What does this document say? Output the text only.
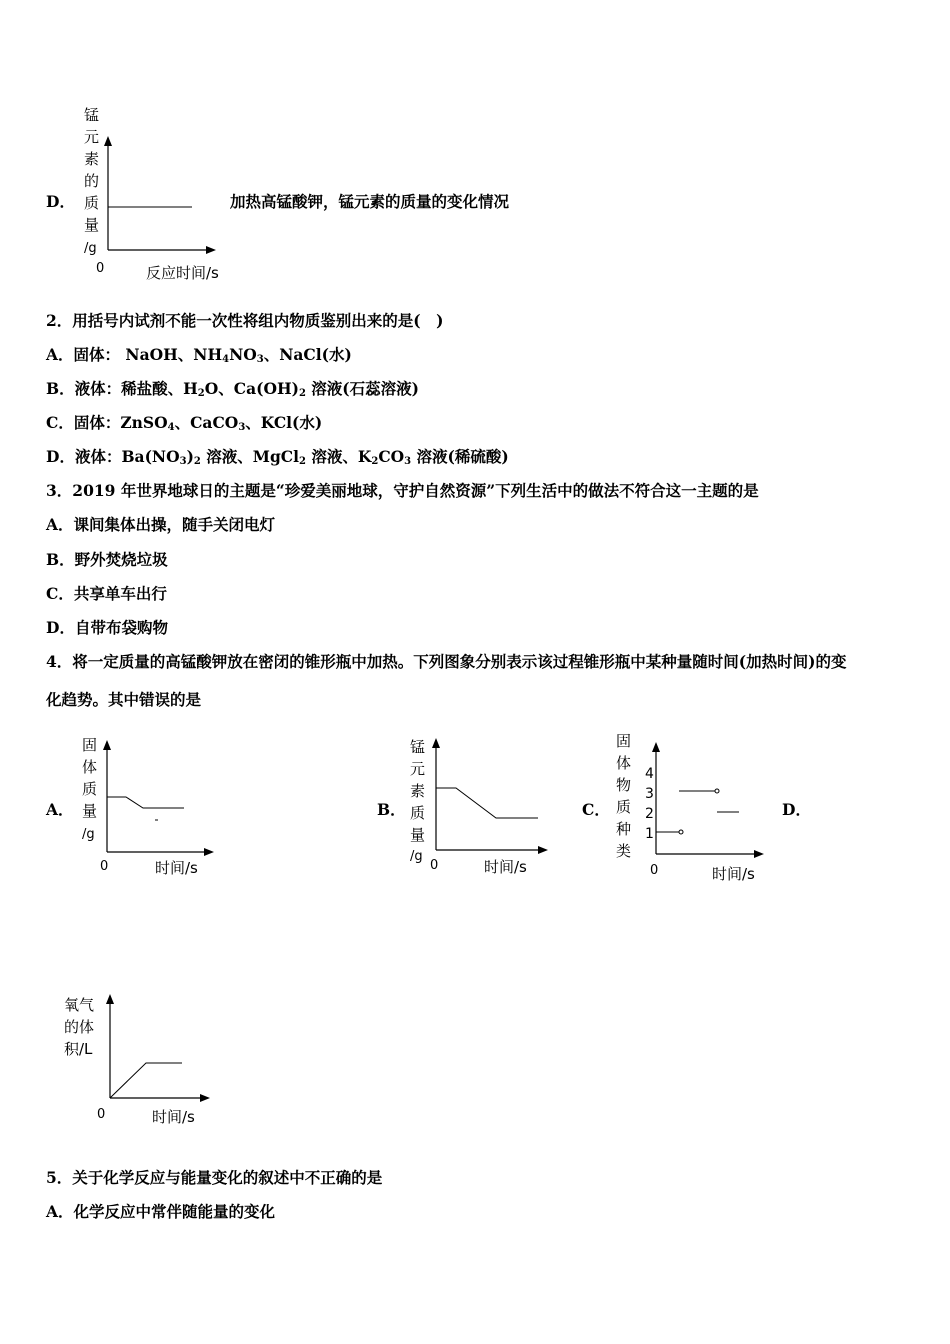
D．
锰
元
素
的
质
量
/g
0	反应时间/s
加热高锰酸钾，锰元素的质量的变化情况
2．用括号内试剂不能一次性将组内物质鉴别出来的是(　)
A．固体： NaOH、$NH_4NO_3$、NaCl(水)
B．液体：稀盐酸、$H_2O$、$Ca(OH)_2$ 溶液(石蕊溶液)
C．固体：ZnSO$_4$、CaCO$_3$、KCl(水)
D．液体：$Ba(NO_3)_2$ 溶液、MgCl$_2$ 溶液、$K_2CO_3$ 溶液(稀硫酸)
3．2019 年世界地球日的主题是“珍爱美丽地球，守护自然资源”下列生活中的做法不符合这一主题的是
A．课间集体出操，随手关闭电灯
B．野外焚烧垃圾
C．共享单车出行
D．自带布袋购物
4．将一定质量的高锰酸钾放在密闭的锥形瓶中加热。下列图象分别表示该过程锥形瓶中某种量随时间(加热时间)的变
化趋势。其中错误的是
A．
固
体
质
量
/g
0	时间/s
B．
锰
元
素
质
量
/g
0	时间/s
C．
固
体
物
质
种
类
4
3
2
1
0	时间/s
D．
氧气
的体
积/L
0	时间/s
5．关于化学反应与能量变化的叙述中不正确的是
A．化学反应中常伴随能量的变化
